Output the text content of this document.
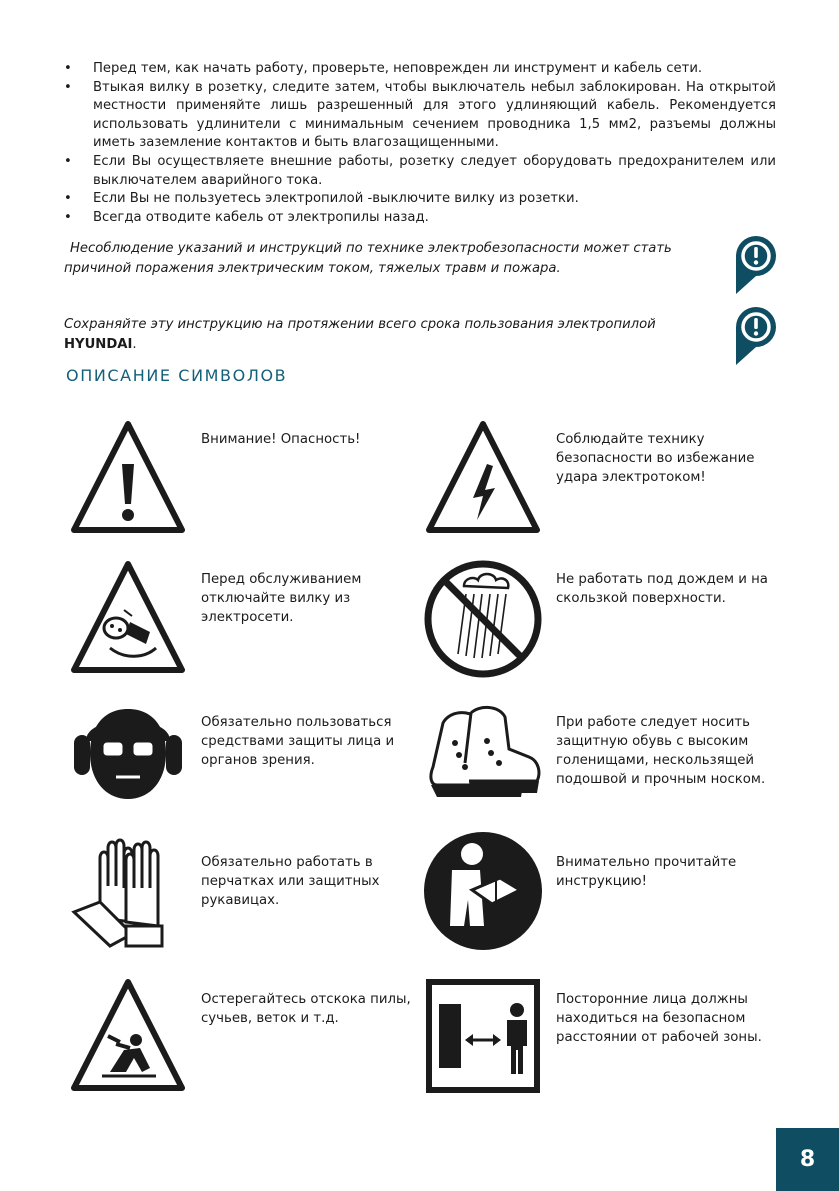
• Перед тем, как начать работу, проверьте, неповрежден ли инструмент и кабель сети.
• Втыкая вилку в розетку, следите затем, чтобы выключатель небыл заблокирован. На открытой местности применяйте лишь разрешенный для этого удлиняющий кабель. Рекомендуется использовать удлинители с минимальным сечением проводника 1,5 мм2, разъемы должны иметь заземление контактов и быть влагозащищенными.
• Если Вы осуществляете внешние работы, розетку следует оборудовать предохранителем или выключателем аварийного тока.
• Если Вы не пользуетесь электропилой -выключите вилку из розетки.
• Всегда отводите кабель от электропилы назад.
Несоблюдение указаний и инструкций по технике электробезопасности может стать причиной поражения электрическим током, тяжелых травм и пожара.
Сохраняйте эту инструкцию на протяжении всего срока пользования электропилой
HYUNDAI.
ОПИСАНИЕ СИМВОЛОВ
Внимание! Опасность!	Соблюдайте технику безопасности во избежание удара электротоком!
Перед обслуживанием отключайте вилку из электросети.
Не работать под дождем и на скользкой поверхности.
Обязательно пользоваться средствами защиты лица и органов зрения.
При работе следует носить защитную обувь с высоким голенищами, нескользящей подошвой и прочным носком.
Обязательно работать в перчатках или защитных рукавицах.
Внимательно прочитайте инструкцию!
Остерегайтесь отскока пилы, сучьев, веток и т.д.
Посторонние лица должны находиться на безопасном расстоянии от рабочей зоны.
8
